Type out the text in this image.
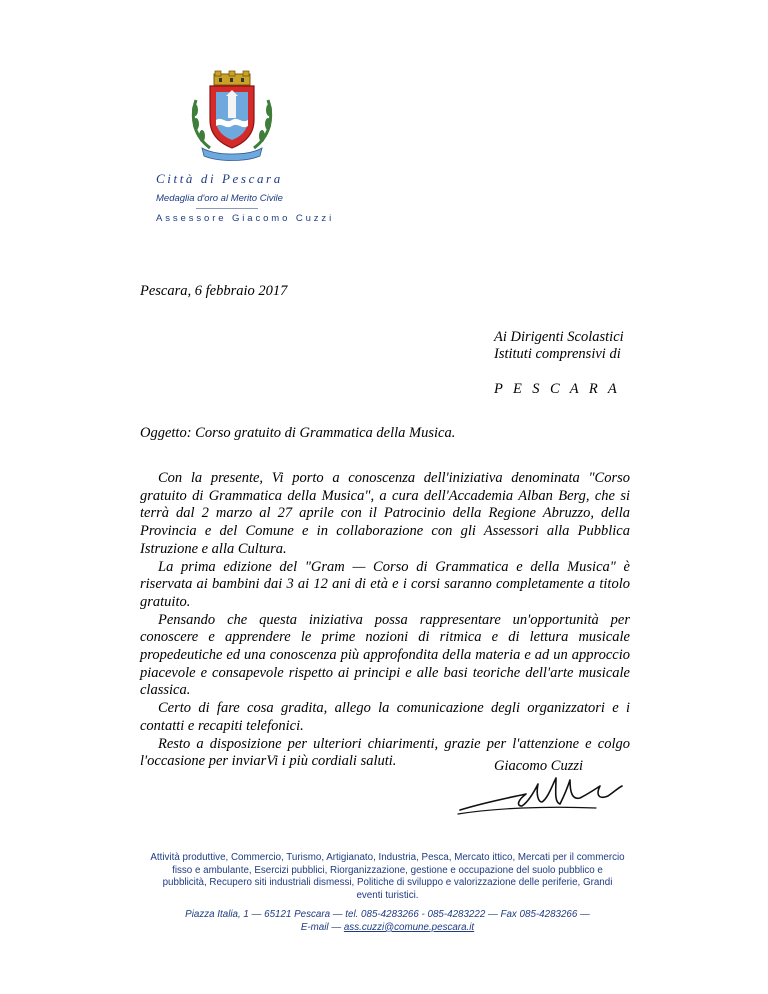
Città di Pescara
Medaglia d'oro al Merito Civile
Assessore Giacomo Cuzzi
Pescara, 6 febbraio 2017
Ai Dirigenti Scolastici
Istituti comprensivi di
P E S C A R A
Oggetto: Corso gratuito di Grammatica della Musica.

Con la presente, Vi porto a conoscenza dell'iniziativa denominata "Corso gratuito di Grammatica della Musica", a cura dell'Accademia Alban Berg, che si terrà dal 2 marzo al 27 aprile con il Patrocinio della Regione Abruzzo, della Provincia e del Comune e in collaborazione con gli Assessori alla Pubblica Istruzione e alla Cultura.

La prima edizione del "Gram — Corso di Grammatica e della Musica" è riservata ai bambini dai 3 ai 12 ani di età e i corsi saranno completamente a titolo gratuito.

Pensando che questa iniziativa possa rappresentare un'opportunità per conoscere e apprendere le prime nozioni di ritmica e di lettura musicale propedeutiche ed una conoscenza più approfondita della materia e ad un approccio piacevole e consapevole rispetto ai principi e alle basi teoriche dell'arte musicale classica.

Certo di fare cosa gradita, allego la comunicazione degli organizzatori e i contatti e recapiti telefonici.

Resto a disposizione per ulteriori chiarimenti, grazie per l'attenzione e colgo l'occasione per inviarVi i più cordiali saluti.	Giacomo Cuzzi
Attività produttive, Commercio, Turismo, Artigianato, Industria, Pesca, Mercato ittico, Mercati per il commercio fisso e ambulante, Esercizi pubblici, Riorganizzazione, gestione e occupazione del suolo pubblico e pubblicità, Recupero siti industriali dismessi, Politiche di sviluppo e valorizzazione delle periferie, Grandi eventi turistici.
Piazza Italia, 1 — 65121 Pescara — tel. 085-4283266 - 085-4283222 — Fax 085-4283266 —
E-mail — ass.cuzzi@comune.pescara.it
